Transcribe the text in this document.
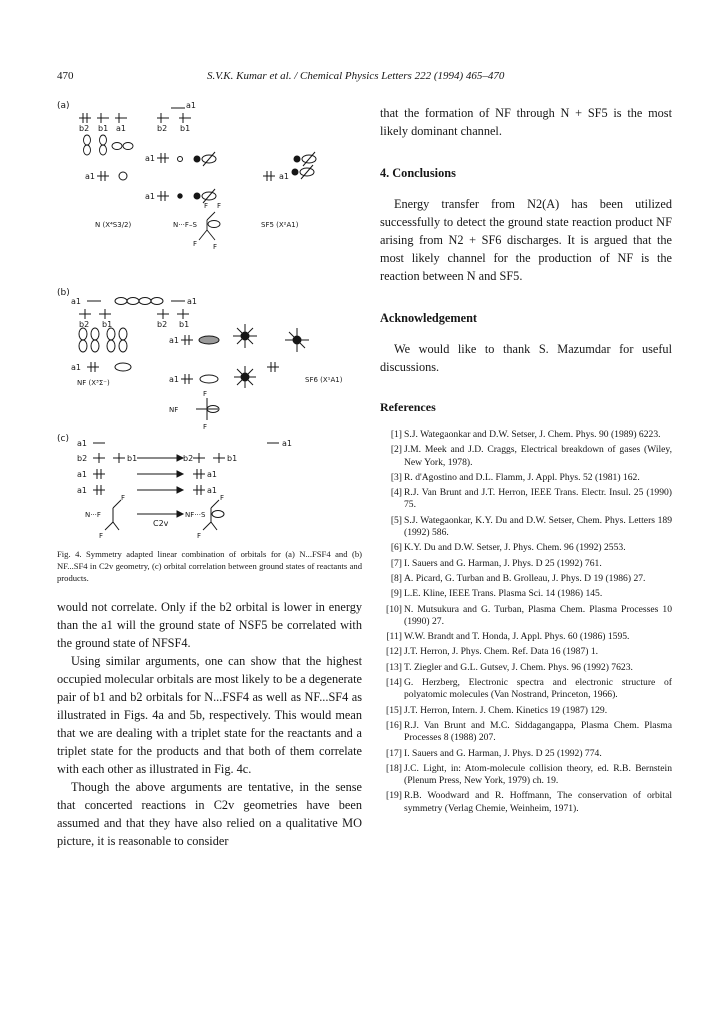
470	S.V.K. Kumar et al. / Chemical Physics Letters 222 (1994) 465–470
(a)	a1
b2 b1 a1	b2 b1
a1
a1	a1
a1
F F
F F
N (X⁴S3/2)	N···F–S	SF5 (X²A1)
(b)
a1	a1
b2 b1	b2 b1
a1
a1
a1
NF (X³Σ⁻)	SF6 (X¹A1)
NF
F
F
(c) a1	a1
b2	b1	b2	b1
a1	a1
a1	a1
C2v
N···F	NF···S
F	F
F	F

Fig. 4. Symmetry adapted linear combination of orbitals for (a) N...FSF4 and (b) NF...SF4 in C2v geometry, (c) orbital correlation between ground states of reactants and products.

would not correlate. Only if the b2 orbital is lower in energy than the a1 will the ground state of NSF5 be correlated with the ground state of NFSF4.

Using similar arguments, one can show that the highest occupied molecular orbitals are most likely to be a degenerate pair of b1 and b2 orbitals for N...FSF4 as well as NF...SF4 as illustrated in Figs. 4a and 5b, respectively. This would mean that we are dealing with a triplet state for the reactants and a triplet state for the products and that both of them correlate with each other as illustrated in Fig. 4c.

Though the above arguments are tentative, in the sense that concerted reactions in C2v geometries have been assumed and that they have also relied on a qualitative MO picture, it is reasonable to consider

that the formation of NF through N + SF5 is the most likely dominant channel.

4. Conclusions

Energy transfer from N2(A) has been utilized successfully to detect the ground state reaction product NF arising from N2 + SF6 discharges. It is argued that the most likely channel for the production of NF is the reaction between N and SF5.

Acknowledgement

We would like to thank S. Mazumdar for useful discussions.

References
[1] S.J. Wategaonkar and D.W. Setser, J. Chem. Phys. 90 (1989) 6223.
[2] J.M. Meek and J.D. Craggs, Electrical breakdown of gases (Wiley, New York, 1978).
[3] R. d'Agostino and D.L. Flamm, J. Appl. Phys. 52 (1981) 162.
[4] R.J. Van Brunt and J.T. Herron, IEEE Trans. Electr. Insul. 25 (1990) 75.
[5] S.J. Wategaonkar, K.Y. Du and D.W. Setser, Chem. Phys. Letters 189 (1992) 586.
[6] K.Y. Du and D.W. Setser, J. Phys. Chem. 96 (1992) 2553.
[7] I. Sauers and G. Harman, J. Phys. D 25 (1992) 761.
[8] A. Picard, G. Turban and B. Grolleau, J. Phys. D 19 (1986) 27.
[9] L.E. Kline, IEEE Trans. Plasma Sci. 14 (1986) 145.
[10] N. Mutsukura and G. Turban, Plasma Chem. Plasma Processes 10 (1990) 27.
[11] W.W. Brandt and T. Honda, J. Appl. Phys. 60 (1986) 1595.
[12] J.T. Herron, J. Phys. Chem. Ref. Data 16 (1987) 1.
[13] T. Ziegler and G.L. Gutsev, J. Chem. Phys. 96 (1992) 7623.
[14] G. Herzberg, Electronic spectra and electronic structure of polyatomic molecules (Van Nostrand, Princeton, 1966).
[15] J.T. Herron, Intern. J. Chem. Kinetics 19 (1987) 129.
[16] R.J. Van Brunt and M.C. Siddagangappa, Plasma Chem. Plasma Processes 8 (1988) 207.
[17] I. Sauers and G. Harman, J. Phys. D 25 (1992) 774.
[18] J.C. Light, in: Atom-molecule collision theory, ed. R.B. Bernstein (Plenum Press, New York, 1979) ch. 19.
[19] R.B. Woodward and R. Hoffmann, The conservation of orbital symmetry (Verlag Chemie, Weinheim, 1971).
